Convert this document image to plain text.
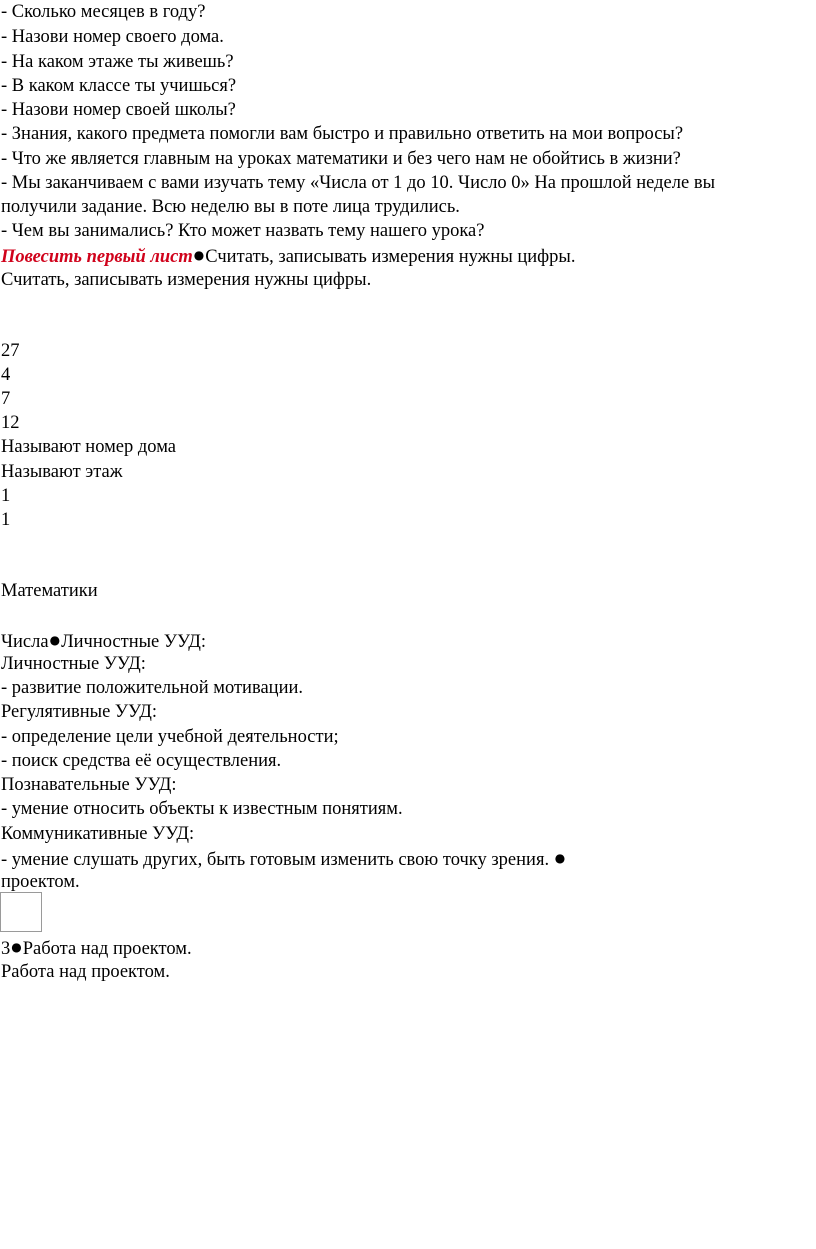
- Сколько месяцев в году?
- Назови номер своего дома.
- На каком этаже ты живешь?
- В каком классе ты учишься?
- Назови номер своей школы?
- Знания, какого предмета помогли вам быстро и правильно ответить на мои вопросы?
- Что же является главным на уроках математики и без чего нам не обойтись в жизни?
- Мы заканчиваем с вами изучать тему «Числа от 1 до 10. Число 0» На прошлой неделе вы
получили задание. Всю неделю вы в поте лица трудились.
- Чем вы занимались? Кто может назвать тему нашего урока?
Повесить первый лист●Считать, записывать измерения нужны цифры.
Считать, записывать измерения нужны цифры.
27
4
7
12
Называют номер дома
Называют этаж
1
1
Математики
Числа●Личностные УУД:
Личностные УУД:
- развитие положительной мотивации.
Регулятивные УУД:
- определение цели учебной деятельности;
- поиск средства её осуществления.
Познавательные УУД:
- умение относить объекты к известным понятиям.
Коммуникативные УУД:
- умение слушать других, быть готовым изменить свою точку зрения. ●
проектом.
3●Работа над проектом.
Работа над проектом.
